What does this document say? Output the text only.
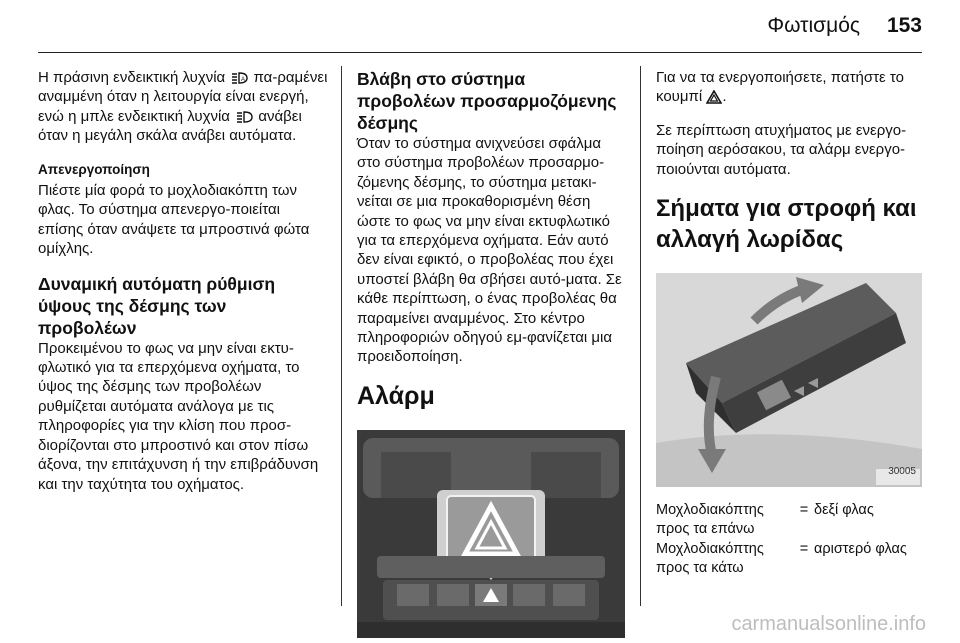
Φωτισμός 153

Η πράσινη ενδεικτική λυχνία	A πα-ραμένει αναμμένη όταν η λειτουργία είναι ενεργή, ενώ η μπλε ενδεικτική λυχνία ανάβει όταν η μεγάλη σκάλα ανάβει αυτόματα.

Απενεργοποίηση

Πιέστε μία φορά το μοχλοδιακόπτη των φλας. Το σύστημα απενεργο-ποιείται επίσης όταν ανάψετε τα μπροστινά φώτα ομίχλης.

Δυναμική αυτόματη ρύθμιση ύψους της δέσμης των προβολέων

Προκειμένου το φως να μην είναι εκτυ-φλωτικό για τα επερχόμενα οχήματα, το ύψος της δέσμης των προβολέων ρυθμίζεται αυτόματα ανάλογα με τις πληροφορίες για την κλίση που προσ-διορίζονται στο μπροστινό και στον πίσω άξονα, την επιτάχυνση ή την επιβράδυνση και την ταχύτητα του οχήματος.

Βλάβη στο σύστημα προβολέων προσαρμοζόμενης δέσμης

Όταν το σύστημα ανιχνεύσει σφάλμα στο σύστημα προβολέων προσαρμο-ζόμενης δέσμης, το σύστημα μετακι-νείται σε μια προκαθορισμένη θέση ώστε το φως να μην είναι εκτυφλωτικό για τα επερχόμενα οχήματα. Εάν αυτό δεν είναι εφικτό, ο προβολέας που έχει υποστεί βλάβη θα σβήσει αυτό-ματα. Σε κάθε περίπτωση, ο ένας προβολέας θα παραμείνει αναμμένος. Στο κέντρο πληροφοριών οδηγού εμ-φανίζεται μια προειδοποίηση.

Αλάρμ

Για να τα ενεργοποιήσετε, πατήστε το κουμπί .

Σε περίπτωση ατυχήματος με ενεργο-ποίηση αερόσακου, τα αλάρμ ενεργο-ποιούνται αυτόματα.

Σήματα για στροφή και αλλαγή λωρίδας

30005
Μοχλοδιακόπτης προς τα επάνω
= δεξί φλας
Μοχλοδιακόπτης προς τα κάτω
= αριστερό φλας
carmanualsonline.info
